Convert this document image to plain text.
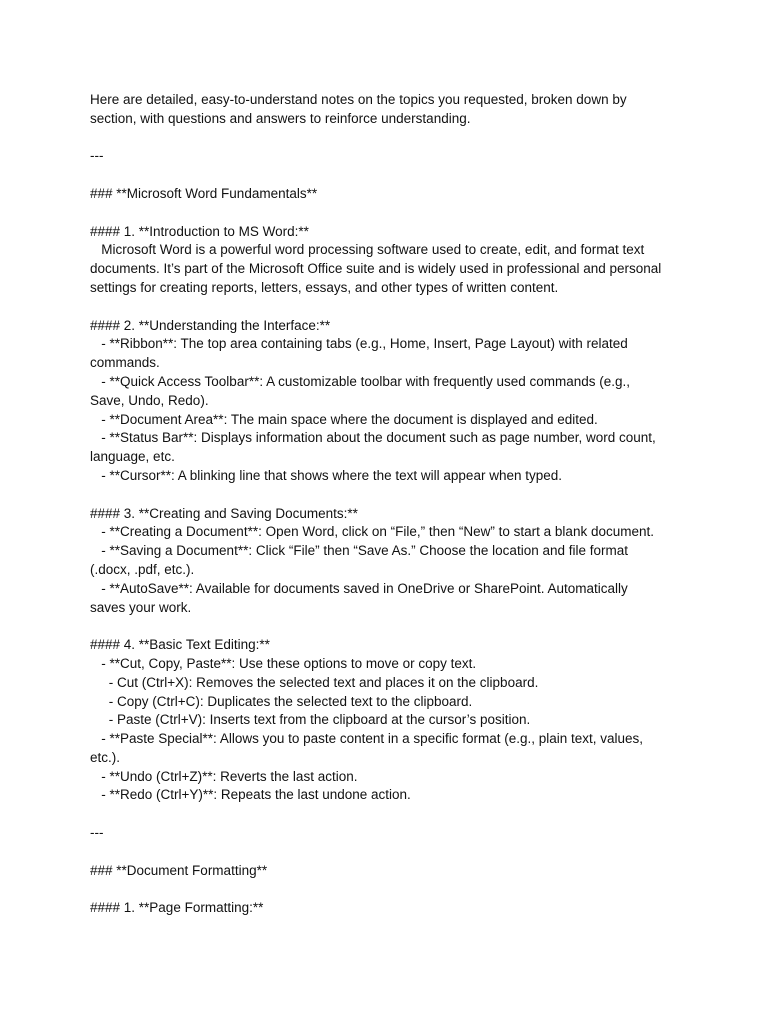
Here are detailed, easy-to-understand notes on the topics you requested, broken down by
section, with questions and answers to reinforce understanding.
---
### **Microsoft Word Fundamentals**
#### 1. **Introduction to MS Word:**
Microsoft Word is a powerful word processing software used to create, edit, and format text
documents. It’s part of the Microsoft Office suite and is widely used in professional and personal
settings for creating reports, letters, essays, and other types of written content.
#### 2. **Understanding the Interface:**
- **Ribbon**: The top area containing tabs (e.g., Home, Insert, Page Layout) with related
commands.
- **Quick Access Toolbar**: A customizable toolbar with frequently used commands (e.g.,
Save, Undo, Redo).
- **Document Area**: The main space where the document is displayed and edited.
- **Status Bar**: Displays information about the document such as page number, word count,
language, etc.
- **Cursor**: A blinking line that shows where the text will appear when typed.
#### 3. **Creating and Saving Documents:**
- **Creating a Document**: Open Word, click on “File,” then “New” to start a blank document.
- **Saving a Document**: Click “File” then “Save As.” Choose the location and file format
(.docx, .pdf, etc.).
- **AutoSave**: Available for documents saved in OneDrive or SharePoint. Automatically
saves your work.
#### 4. **Basic Text Editing:**
- **Cut, Copy, Paste**: Use these options to move or copy text.
- Cut (Ctrl+X): Removes the selected text and places it on the clipboard.
- Copy (Ctrl+C): Duplicates the selected text to the clipboard.
- Paste (Ctrl+V): Inserts text from the clipboard at the cursor’s position.
- **Paste Special**: Allows you to paste content in a specific format (e.g., plain text, values,
etc.).
- **Undo (Ctrl+Z)**: Reverts the last action.
- **Redo (Ctrl+Y)**: Repeats the last undone action.
---
### **Document Formatting**
#### 1. **Page Formatting:**
